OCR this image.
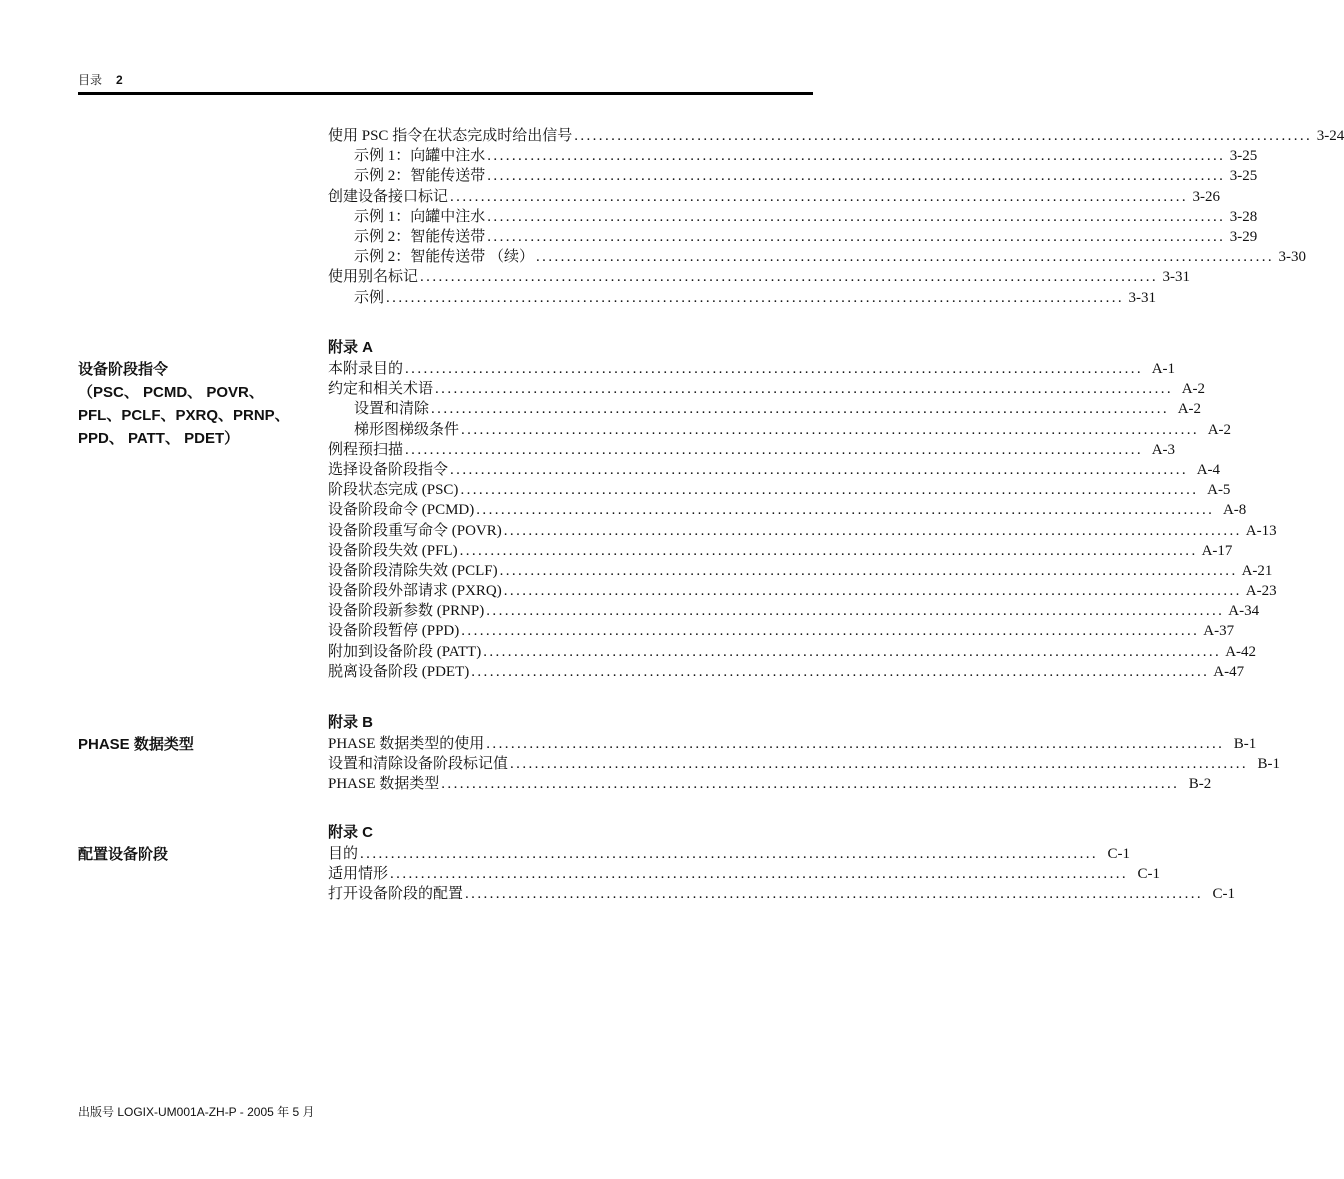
目录 2
使用 PSC 指令在状态完成时给出信号 ........................................................................................................................ 3-24
示例 1：向罐中注水 ........................................................................................................................ 3-25
示例 2：智能传送带 ........................................................................................................................ 3-25
创建设备接口标记 ........................................................................................................................ 3-26
示例 1：向罐中注水 ........................................................................................................................ 3-28
示例 2：智能传送带 ........................................................................................................................ 3-29
示例 2：智能传送带 （续） ........................................................................................................................ 3-30
使用别名标记 ........................................................................................................................ 3-31
示例 ........................................................................................................................ 3-31
附录 A
设备阶段指令
（PSC、 PCMD、 POVR、
PFL、PCLF、PXRQ、PRNP、
PPD、 PATT、 PDET）
本附录目的 ........................................................................................................................ A-1
约定和相关术语 ........................................................................................................................ A-2
设置和清除 ........................................................................................................................ A-2
梯形图梯级条件 ........................................................................................................................ A-2
例程预扫描 ........................................................................................................................ A-3
选择设备阶段指令 ........................................................................................................................ A-4
阶段状态完成 (PSC) ........................................................................................................................ A-5
设备阶段命令 (PCMD) ........................................................................................................................ A-8
设备阶段重写命令 (POVR) ........................................................................................................................ A-13
设备阶段失效 (PFL) ........................................................................................................................ A-17
设备阶段清除失效 (PCLF) ........................................................................................................................ A-21
设备阶段外部请求 (PXRQ) ........................................................................................................................ A-23
设备阶段新参数 (PRNP) ........................................................................................................................ A-34
设备阶段暂停 (PPD) ........................................................................................................................ A-37
附加到设备阶段 (PATT) ........................................................................................................................ A-42
脱离设备阶段 (PDET) ........................................................................................................................ A-47
附录 B
PHASE 数据类型	PHASE 数据类型的使用 ........................................................................................................................ B-1
设置和清除设备阶段标记值 ........................................................................................................................ B-1
PHASE 数据类型 ........................................................................................................................ B-2
附录 C
配置设备阶段	目的 ........................................................................................................................ C-1
适用情形 ........................................................................................................................ C-1
打开设备阶段的配置 ........................................................................................................................ C-1
出版号 LOGIX-UM001A-ZH-P - 2005 年 5 月
